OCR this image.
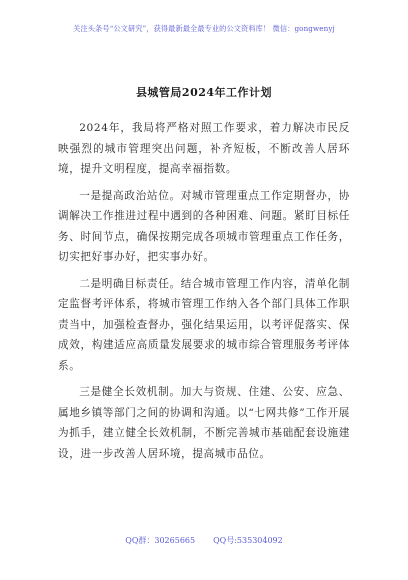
关注头条号“公文研究”，获得最新最全最专业的公文资料库！ 微信：gongwenyj
县城管局2024年工作计划

2024年，我局将严格对照工作要求，着力解决市民反映强烈的城市管理突出问题，补齐短板，不断改善人居环境，提升文明程度，提高幸福指数。

一是提高政治站位。对城市管理重点工作定期督办，协调解决工作推进过程中遇到的各种困难、问题。紧盯目标任务、时间节点，确保按期完成各项城市管理重点工作任务，切实把好事办好，把实事办好。

二是明确目标责任。结合城市管理工作内容，清单化制定监督考评体系，将城市管理工作纳入各个部门具体工作职责当中，加强检查督办，强化结果运用，以考评促落实、保成效，构建适应高质量发展要求的城市综合管理服务考评体系。

三是健全长效机制。加大与资规、住建、公安、应急、属地乡镇等部门之间的协调和沟通。以“七网共修”工作开展为抓手，建立健全长效机制，不断完善城市基础配套设施建设，进一步改善人居环境，提高城市品位。

QQ群：30265665 QQ号:535304092
